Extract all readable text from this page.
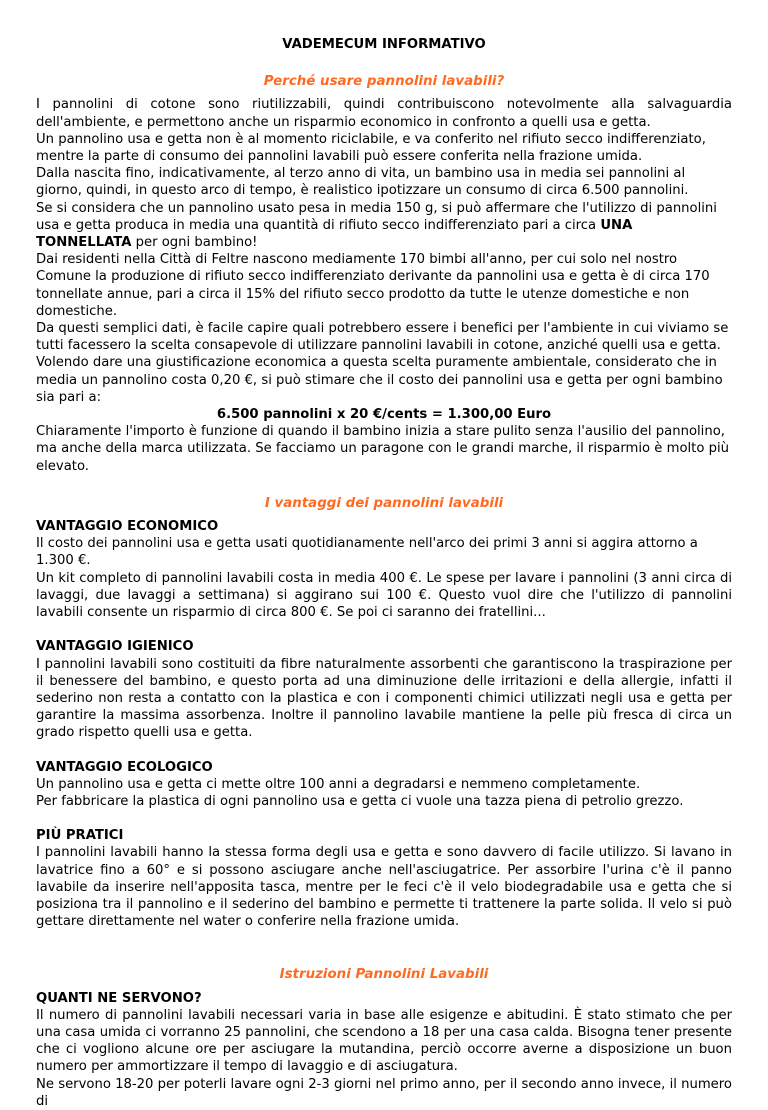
VADEMECUM INFORMATIVO
Perché usare pannolini lavabili?

I pannolini di cotone sono riutilizzabili, quindi contribuiscono notevolmente alla salvaguardia dell'ambiente, e permettono anche un risparmio economico in confronto a quelli usa e getta.

Un pannolino usa e getta non è al momento riciclabile, e va conferito nel rifiuto secco indifferenziato, mentre la parte di consumo dei pannolini lavabili può essere conferita nella frazione umida.

Dalla nascita fino, indicativamente, al terzo anno di vita, un bambino usa in media sei pannolini al giorno, quindi, in questo arco di tempo, è realistico ipotizzare un consumo di circa 6.500 pannolini.

Se si considera che un pannolino usato pesa in media 150 g, si può affermare che l'utilizzo di pannolini usa e getta produca in media una quantità di rifiuto secco indifferenziato pari a circa UNA TONNELLATA per ogni bambino!

Dai residenti nella Città di Feltre nascono mediamente 170 bimbi all'anno, per cui solo nel nostro Comune la produzione di rifiuto secco indifferenziato derivante da pannolini usa e getta è di circa 170 tonnellate annue, pari a circa il 15% del rifiuto secco prodotto da tutte le utenze domestiche e non domestiche.

Da questi semplici dati, è facile capire quali potrebbero essere i benefici per l'ambiente in cui viviamo se tutti facessero la scelta consapevole di utilizzare pannolini lavabili in cotone, anziché quelli usa e getta.

Volendo dare una giustificazione economica a questa scelta puramente ambientale, considerato che in media un pannolino costa 0,20 €, si può stimare che il costo dei pannolini usa e getta per ogni bambino sia pari a:

6.500 pannolini x 20 €/cents = 1.300,00 Euro

Chiaramente l'importo è funzione di quando il bambino inizia a stare pulito senza l'ausilio del pannolino, ma anche della marca utilizzata. Se facciamo un paragone con le grandi marche, il risparmio è molto più elevato.

I vantaggi dei pannolini lavabili

VANTAGGIO ECONOMICO

Il costo dei pannolini usa e getta usati quotidianamente nell'arco dei primi 3 anni si aggira attorno a 1.300 €.

Un kit completo di pannolini lavabili costa in media 400 €. Le spese per lavare i pannolini (3 anni circa di lavaggi, due lavaggi a settimana) si aggirano sui 100 €. Questo vuol dire che l'utilizzo di pannolini lavabili consente un risparmio di circa 800 €. Se poi ci saranno dei fratellini...

VANTAGGIO IGIENICO

I pannolini lavabili sono costituiti da fibre naturalmente assorbenti che garantiscono la traspirazione per il benessere del bambino, e questo porta ad una diminuzione delle irritazioni e della allergie, infatti il sederino non resta a contatto con la plastica e con i componenti chimici utilizzati negli usa e getta per garantire la massima assorbenza. Inoltre il pannolino lavabile mantiene la pelle più fresca di circa un grado rispetto quelli usa e getta.

VANTAGGIO ECOLOGICO

Un pannolino usa e getta ci mette oltre 100 anni a degradarsi e nemmeno completamente.

Per fabbricare la plastica di ogni pannolino usa e getta ci vuole una tazza piena di petrolio grezzo.

PIÙ PRATICI

I pannolini lavabili hanno la stessa forma degli usa e getta e sono davvero di facile utilizzo. Si lavano in lavatrice fino a 60° e si possono asciugare anche nell'asciugatrice. Per assorbire l'urina c'è il panno lavabile da inserire nell'apposita tasca, mentre per le feci c'è il velo biodegradabile usa e getta che si posiziona tra il pannolino e il sederino del bambino e permette ti trattenere la parte solida. Il velo si può gettare direttamente nel water o conferire nella frazione umida.

Istruzioni Pannolini Lavabili

QUANTI NE SERVONO?

Il numero di pannolini lavabili necessari varia in base alle esigenze e abitudini. È stato stimato che per una casa umida ci vorranno 25 pannolini, che scendono a 18 per una casa calda. Bisogna tener presente che ci vogliono alcune ore per asciugare la mutandina, perciò occorre averne a disposizione un buon numero per ammortizzare il tempo di lavaggio e di asciugatura.

Ne servono 18-20 per poterli lavare ogni 2-3 giorni nel primo anno, per il secondo anno invece, il numero di
